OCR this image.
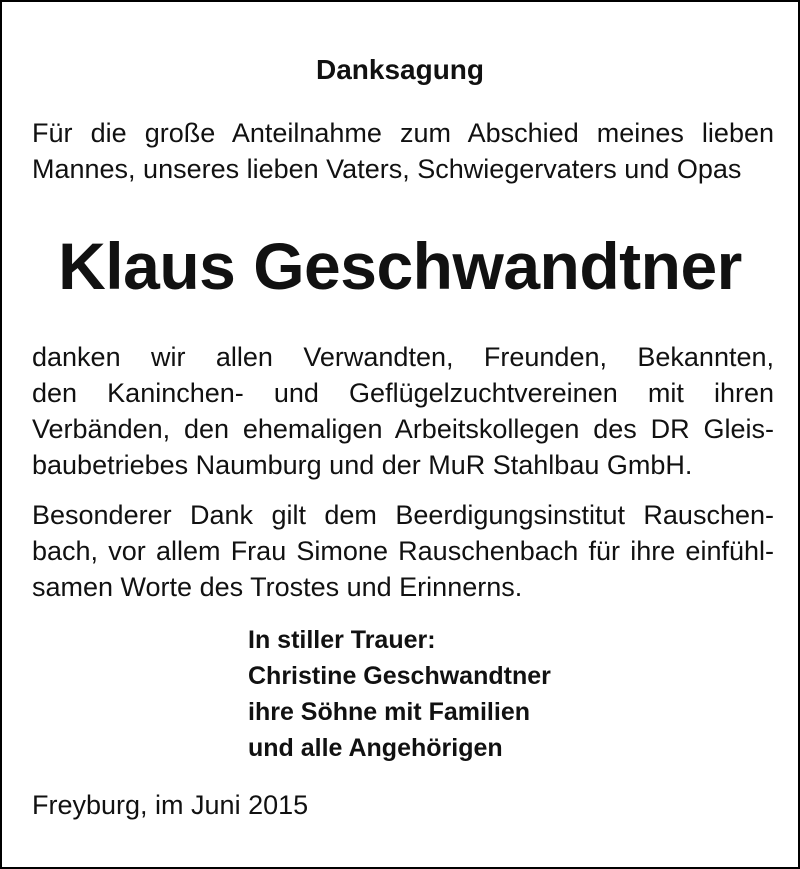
Danksagung
Für die große Anteilnahme zum Abschied meines lieben
Mannes, unseres lieben Vaters, Schwiegervaters und Opas
Klaus Geschwandtner
danken wir allen Verwandten, Freunden, Bekannten,
den Kaninchen- und Geflügelzuchtvereinen mit ihren
Verbänden, den ehemaligen Arbeitskollegen des DR Gleis-
baubetriebes Naumburg und der MuR Stahlbau GmbH.
Besonderer Dank gilt dem Beerdigungsinstitut Rauschen-
bach, vor allem Frau Simone Rauschenbach für ihre einfühl-
samen Worte des Trostes und Erinnerns.
In stiller Trauer:
Christine Geschwandtner
ihre Söhne mit Familien
und alle Angehörigen
Freyburg, im Juni 2015
